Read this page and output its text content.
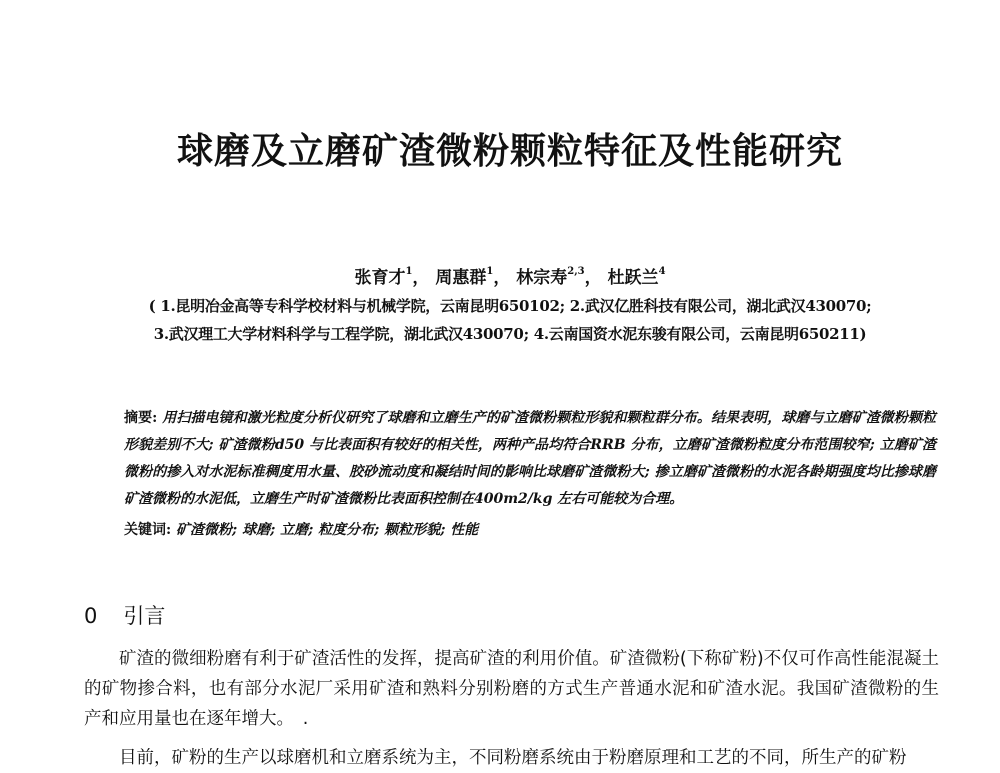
球磨及立磨矿渣微粉颗粒特征及性能研究
张育才$^1$， 周惠群$^1$， 林宗寿$^{2,3}$， 杜跃兰$^4$
( 1.昆明冶金高等专科学校材料与机械学院，云南昆明650102; 2.武汉亿胜科技有限公司，湖北武汉430070;
3.武汉理工大学材料科学与工程学院，湖北武汉430070; 4.云南国资水泥东骏有限公司，云南昆明650211)
摘要: 用扫描电镜和激光粒度分析仪研究了球磨和立磨生产的矿渣微粉颗粒形貌和颗粒群分布。结果表明，球磨与立磨矿渣微粉颗粒形貌差别不大; 矿渣微粉d50 与比表面积有较好的相关性，两种产品均符合RRB 分布，立磨矿渣微粉粒度分布范围较窄; 立磨矿渣微粉的掺入对水泥标准稠度用水量、胶砂流动度和凝结时间的影响比球磨矿渣微粉大; 掺立磨矿渣微粉的水泥各龄期强度均比掺球磨矿渣微粉的水泥低，立磨生产时矿渣微粉比表面积控制在400m2/kg 左右可能较为合理。
关键词: 矿渣微粉; 球磨; 立磨; 粒度分布; 颗粒形貌; 性能
0 引言
矿渣的微细粉磨有利于矿渣活性的发挥，提高矿渣的利用价值。矿渣微粉(下称矿粉)不仅可作高性能混凝土的矿物掺合料，也有部分水泥厂采用矿渣和熟料分别粉磨的方式生产普通水泥和矿渣水泥。我国矿渣微粉的生产和应用量也在逐年增大。　.
目前，矿粉的生产以球磨机和立磨系统为主，不同粉磨系统由于粉磨原理和工艺的不同，所生产的矿粉
